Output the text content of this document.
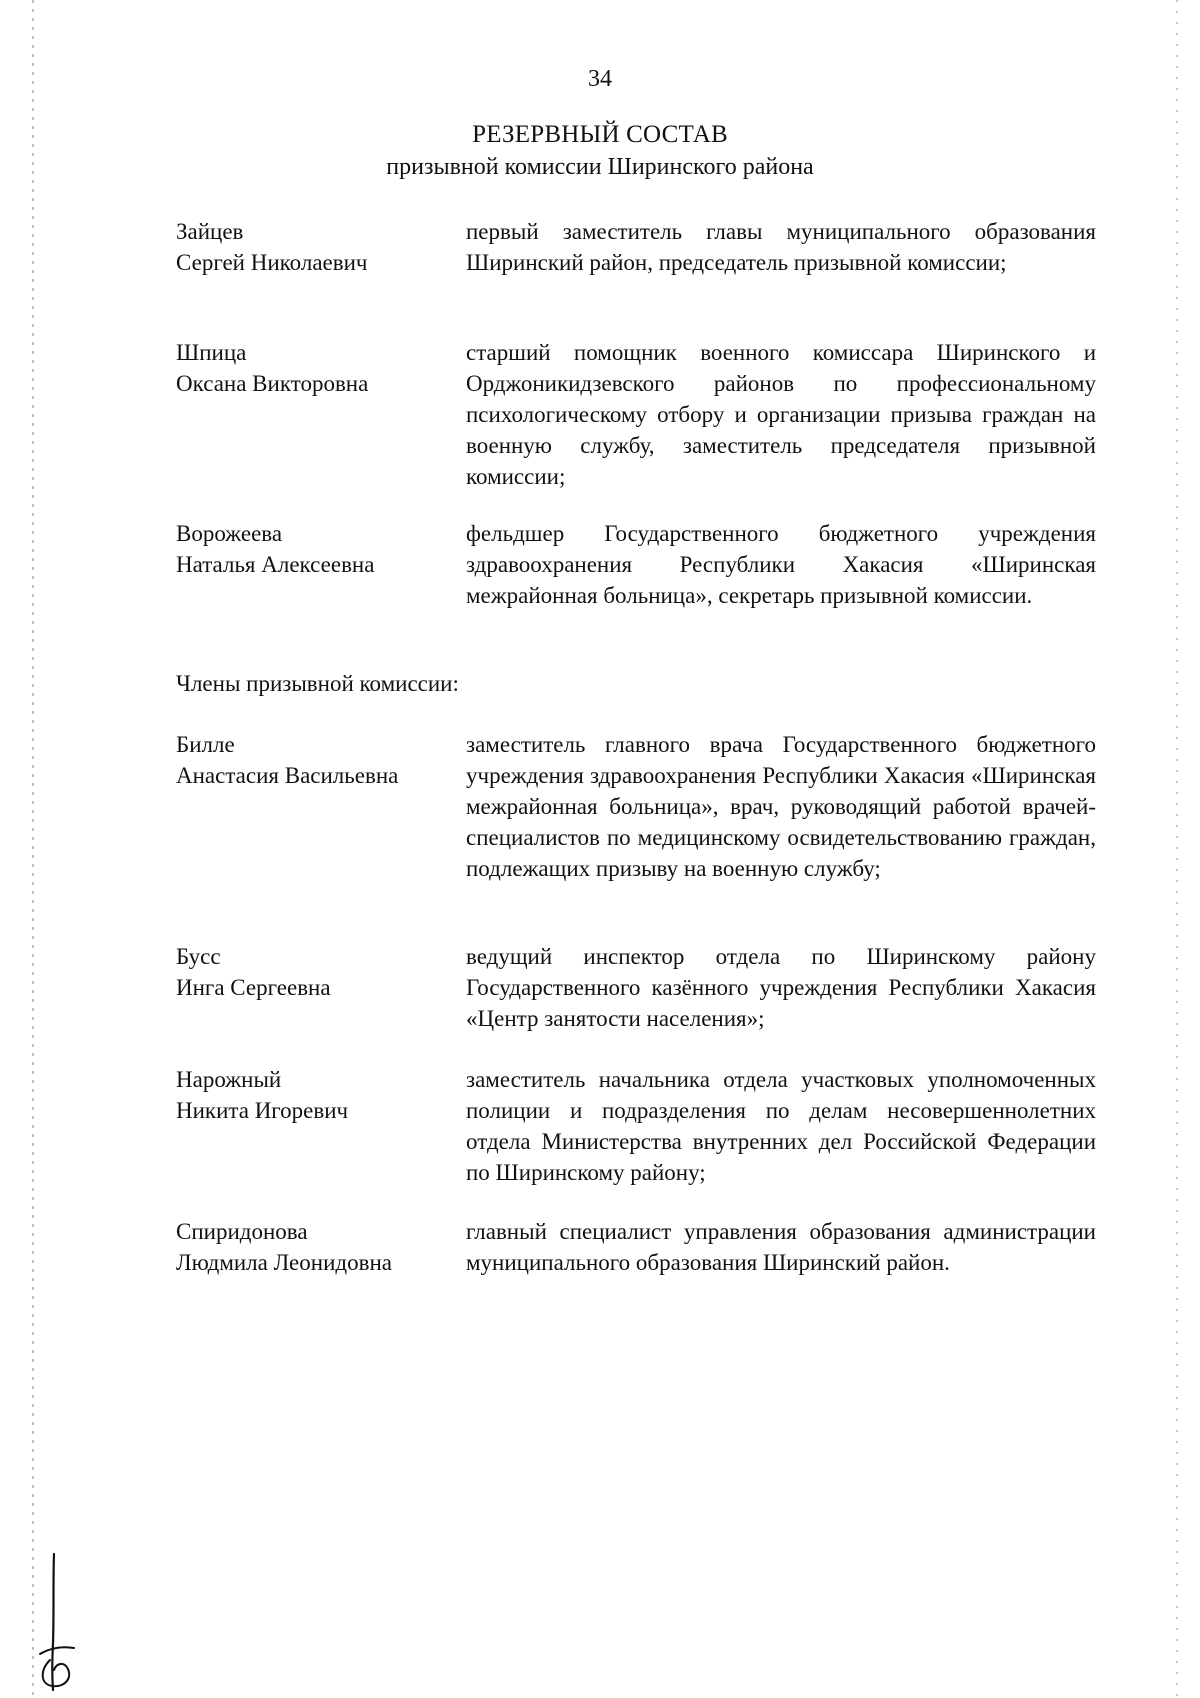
34
РЕЗЕРВНЫЙ СОСТАВ
призывной комиссии Ширинского района
Зайцев
Сергей Николаевич
первый заместитель главы муниципального образования Ширинский район, председатель призывной комиссии;
Шпица
Оксана Викторовна
старший помощник военного комиссара Ширинского и Орджоникидзевского районов по профессиональному психологическому отбору и организации призыва граждан на военную службу, заместитель председателя призывной комиссии;
Ворожеева
Наталья Алексеевна
фельдшер Государственного бюджетного учреждения здравоохранения Республики Хакасия «Ширинская межрайонная больница», секретарь призывной комиссии.
Члены призывной комиссии:
Билле
Анастасия Васильевна
заместитель главного врача Государственного бюджетного учреждения здравоохранения Республики Хакасия «Ширинская межрайонная больница», врач, руководящий работой врачей-специалистов по медицинскому освидетельствованию граждан, подлежащих призыву на военную службу;
Бусс
Инга Сергеевна
ведущий инспектор отдела по Ширинскому району Государственного казённого учреждения Республики Хакасия «Центр занятости населения»;
Нарожный
Никита Игоревич
заместитель начальника отдела участковых уполномоченных полиции и подразделения по делам несовершеннолетних отдела Министерства внутренних дел Российской Федерации по Ширинскому району;
Спиридонова
Людмила Леонидовна
главный специалист управления образования администрации муниципального образования Ширинский район.
